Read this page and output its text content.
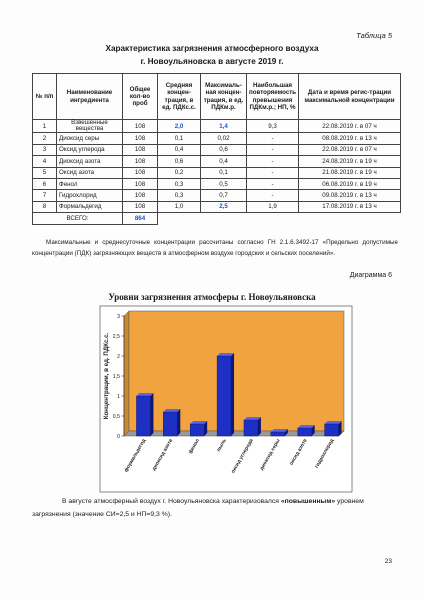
Таблица 5
Характеристика загрязнения атмосферного воздуха
г. Новоульяновска в августе 2019 г.
№ п/п	Наименование ингредиента	Общее кол-во проб	Средняя концен-трация, в ед. ПДКс.с.	Максималь-ная концен-трация, в ед. ПДКм.р.	Наибольшая повторяемость превышения ПДКм.р.; НП, %	Дата и время регис-трации максимальной концентрации
1	Взвешенные вещества	108	2,0	1,4	9,3	22.08.2019 г. в 07 ч
2	Диоксид серы	108	0,1	0,02	-	08.08.2019 г. в 13 ч
3	Оксид углерода	108	0,4	0,6	-	22.08.2019 г. в 07 ч
4	Диоксид азота	108	0,6	0,4	-	24.08.2019 г. в 19 ч
5	Оксид азота	108	0,2	0,1	-	21.08.2019 г. в 19 ч
6	Фенол	108	0,3	0,5	-	06.08.2019 г. в 19 ч
7	Гидрохлорид	108	0,3	0,7	-	09.08.2019 г. в 13 ч
8	Формальдегид	108	1,0	2,5	1,9	17.08.2019 г. в 13 ч
ВСЕГО:		864				
Максимальные и среднесуточные концентрации рассчитаны согласно ГН 2.1.6.3492-17 «Предельно допустимые концентрации (ПДК) загрязняющих веществ в атмосферном воздухе городских и сельских поселений».
Диаграмма 6
Уровни загрязнения атмосферы г. Новоульяновска
0
0,5
1
1,5
2
2,5
3
Концентрации, в ед. ПДКс.с.
формальдегид диоксид азота	фенол	пыль оксид углерода диоксид серы оксид азота гидрохлорид
В августе атмосферный воздух г. Новоульяновска характеризовался «повышенным» уровнем загрязнения (значение СИ=2,5 и НП=9,3 %).
23
